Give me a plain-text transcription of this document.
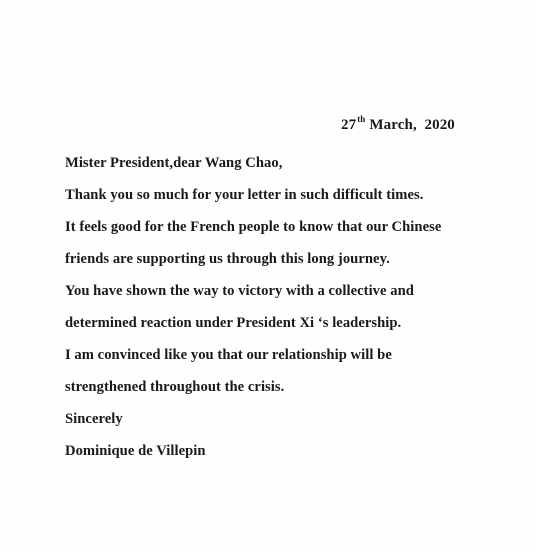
27th March,  2020
Mister President,dear Wang Chao,
Thank you so much for your letter in such difficult times.
It feels good for the French people to know that our Chinese
friends are supporting us through this long journey.
You have shown the way to victory with a collective and
determined reaction under President Xi ‘s leadership.
I am convinced like you that our relationship will be
strengthened throughout the crisis.
Sincerely
Dominique de Villepin
